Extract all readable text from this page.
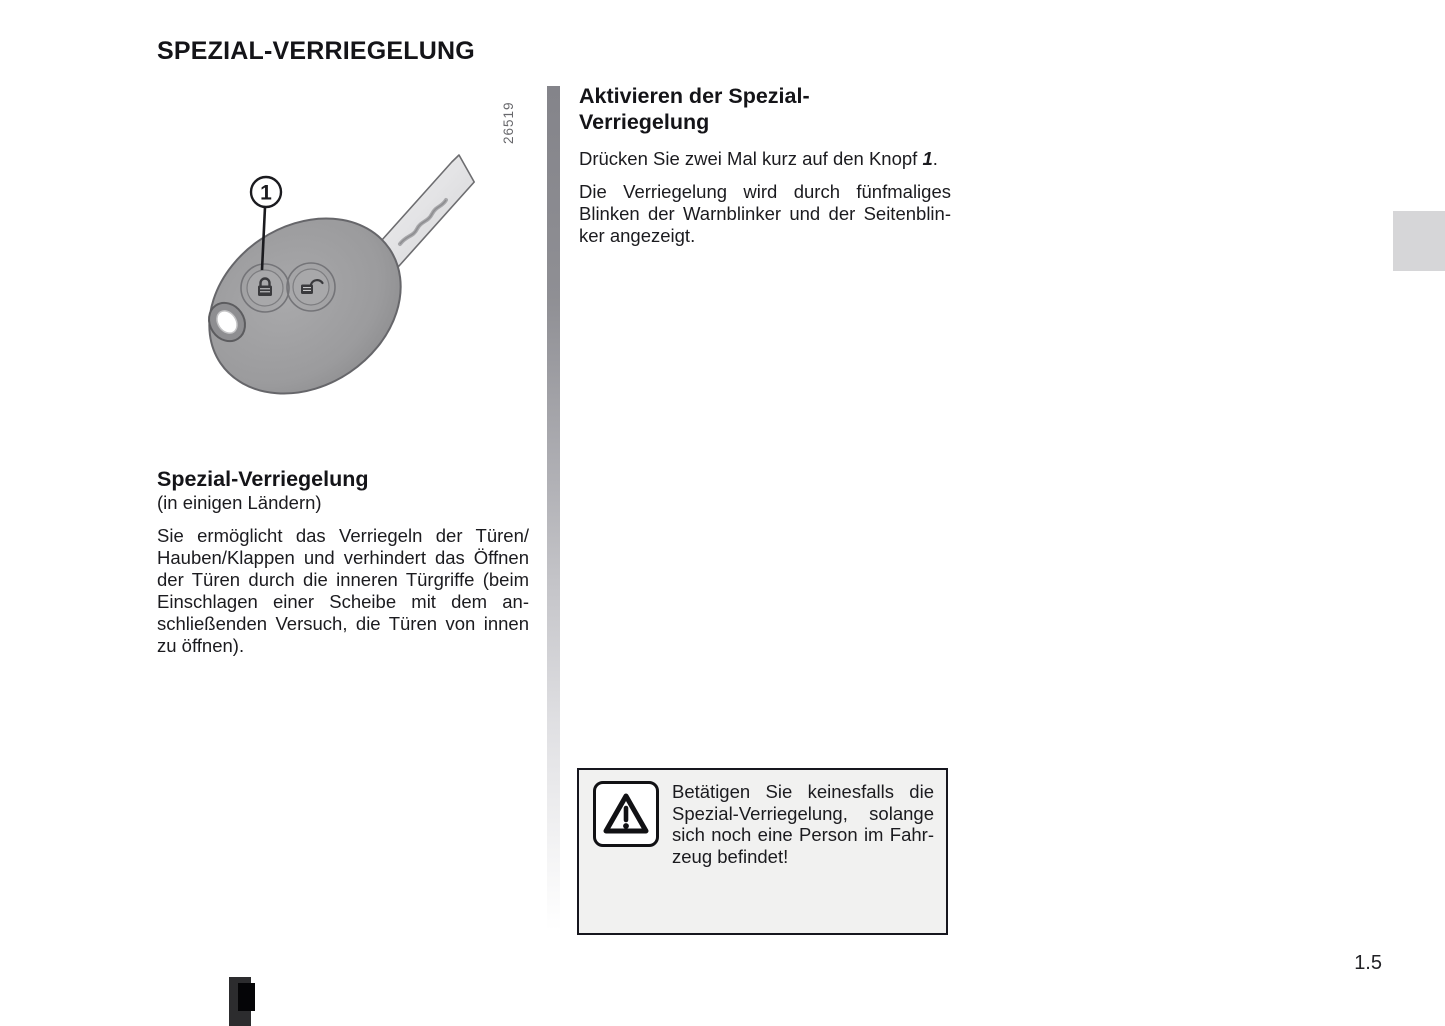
SPEZIAL-VERRIEGELUNG
1
26519
Aktivieren der Spezial-
Verriegelung

Drücken Sie zwei Mal kurz auf den Knopf 1.

Die Verriegelung wird durch fünfmaliges
Blinken der Warnblinker und der Seitenblin-
ker angezeigt.
Spezial-Verriegelung
(in einigen Ländern)
Sie ermöglicht das Verriegeln der Türen/
Hauben/Klappen und verhindert das Öffnen
der Türen durch die inneren Türgriffe (beim
Einschlagen einer Scheibe mit dem an-
schließenden Versuch, die Türen von innen
zu öffnen).
Betätigen Sie keinesfalls die
Spezial-Verriegelung, solange
sich noch eine Person im Fahr-
zeug befindet!
1.5
